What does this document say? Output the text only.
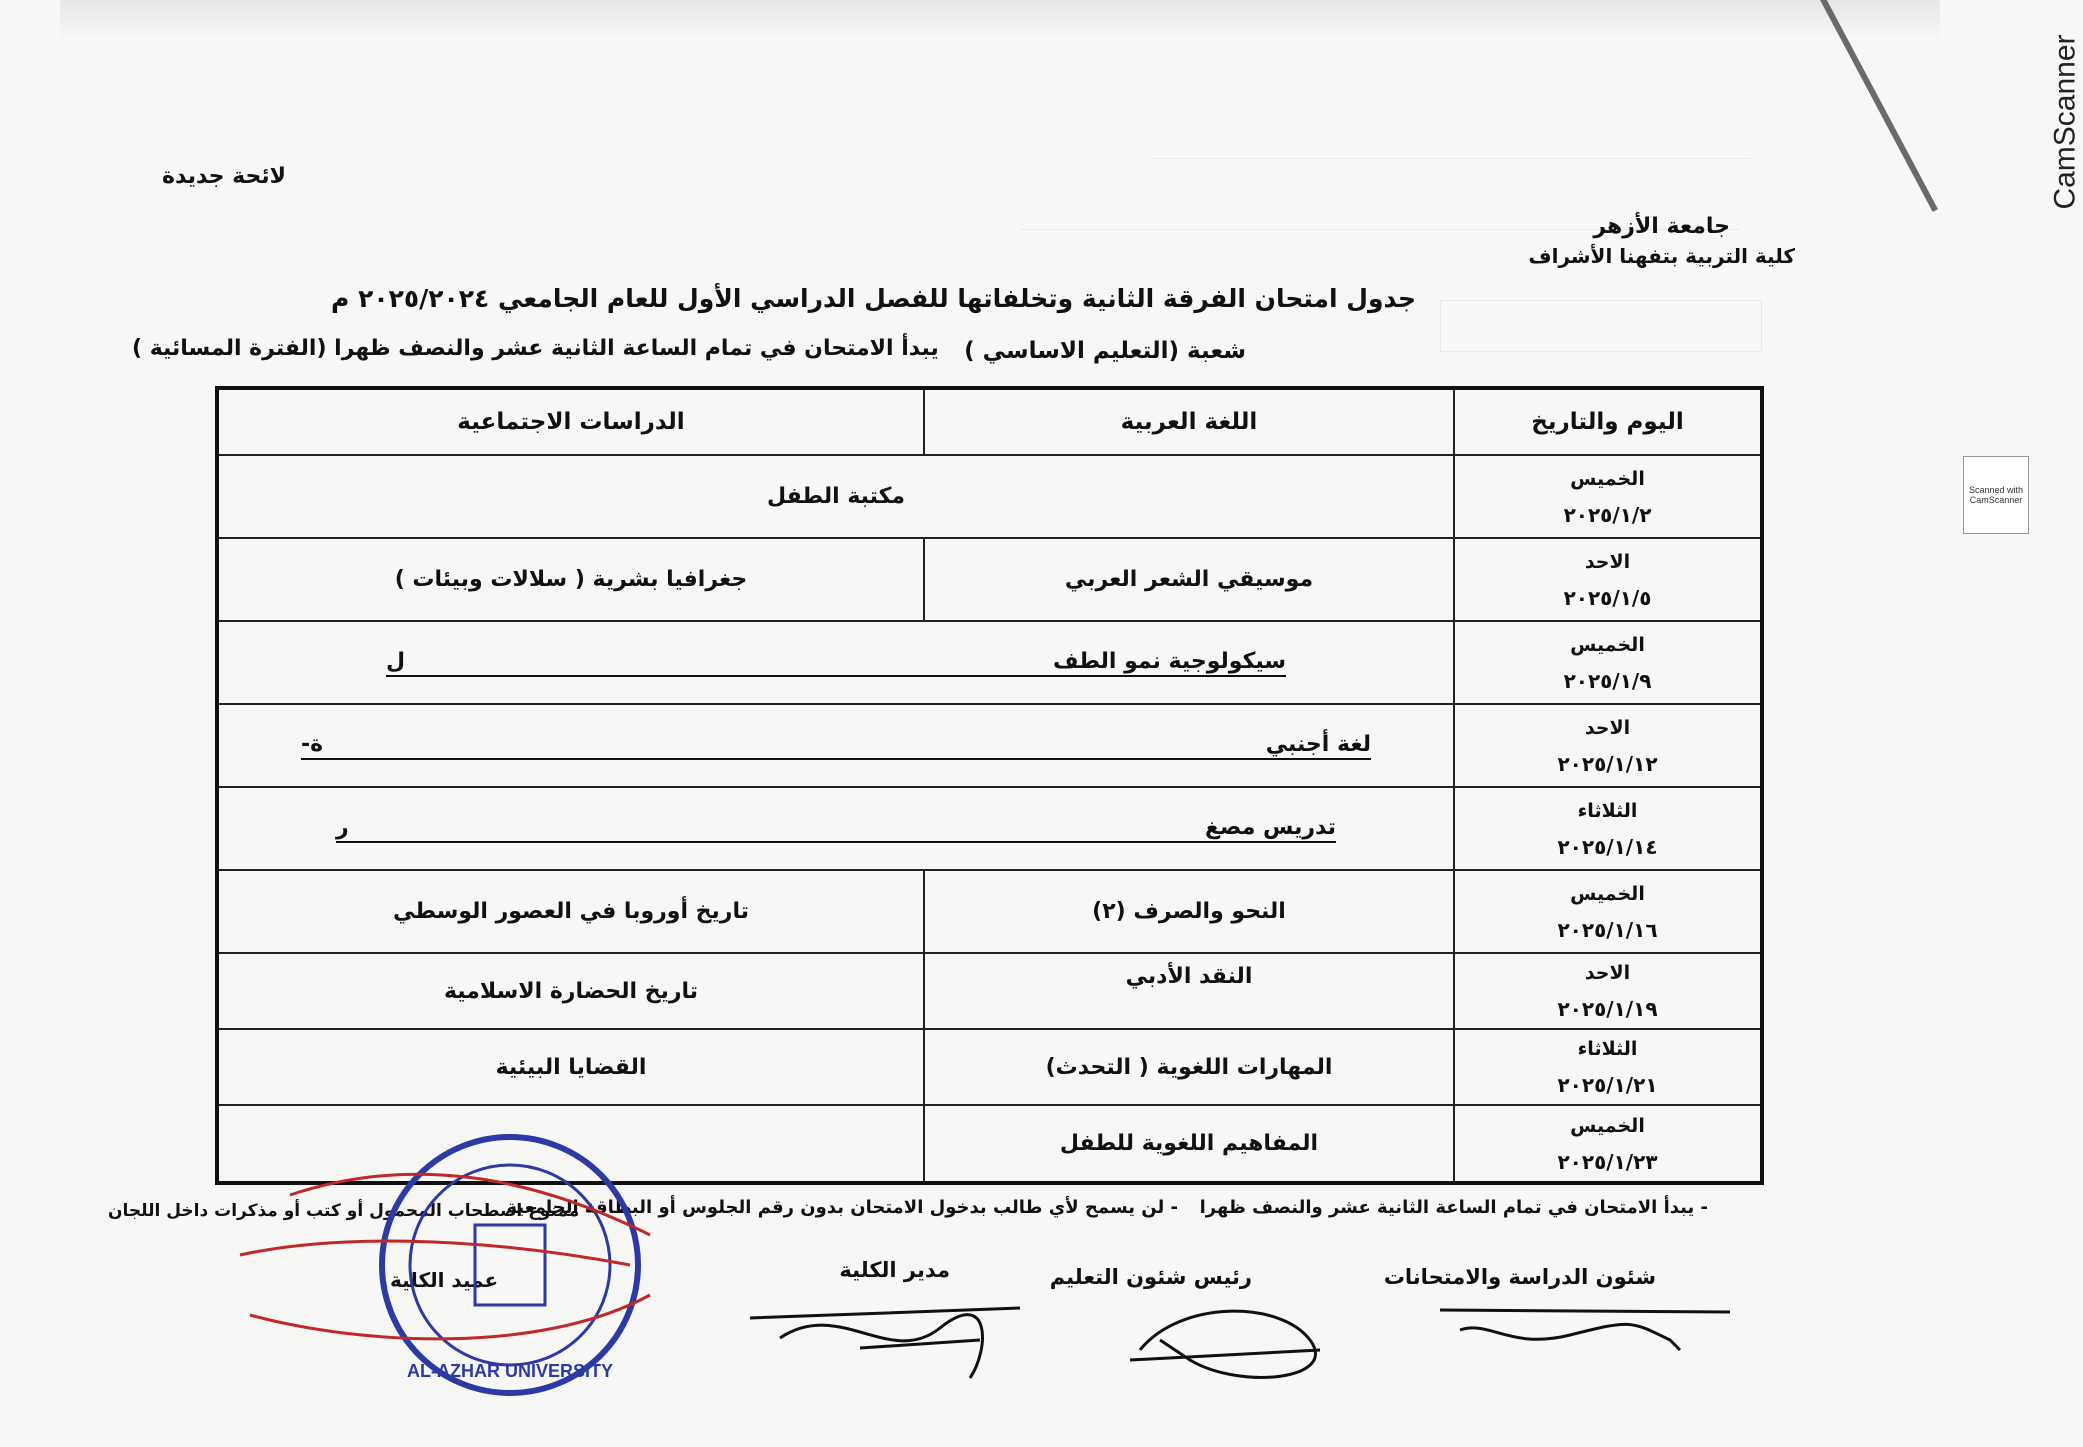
لائحة جديدة
جامعة الأزهر
كلية التربية بتفهنا الأشراف
جدول امتحان الفرقة الثانية وتخلفاتها للفصل الدراسي الأول للعام الجامعي ٢٠٢٥/٢٠٢٤ م
شعبة (التعليم الاساسي )
يبدأ الامتحان في تمام الساعة الثانية عشر والنصف ظهرا (الفترة المسائية )
اليوم والتاريخ	اللغة العربية	الدراسات الاجتماعية

الخميس
٢٠٢٥/١/٢	مكتبة الطفل	

الاحد
٢٠٢٥/١/٥	موسيقي الشعر العربي	جغرافيا بشرية ( سلالات وبيئات )

الخميس
٢٠٢٥/١/٩	سيكولوجية نمو الطف
ل	

الاحد
٢٠٢٥/١/١٢	لغة أجنبي
ة-	

الثلاثاء
٢٠٢٥/١/١٤	تدريس مصغ
ر	

الخميس
٢٠٢٥/١/١٦	النحو والصرف (٢)	تاريخ أوروبا في العصور الوسطي

الاحد
٢٠٢٥/١/١٩	النقد الأدبي	تاريخ الحضارة الاسلامية

الثلاثاء
٢٠٢٥/١/٢١	المهارات اللغوية ( التحدث)	القضايا البيئية

الخميس
٢٠٢٥/١/٢٣	المفاهيم اللغوية للطفل	
- يبدأ الامتحان في تمام الساعة الثانية عشر والنصف ظهرا
- لن يسمح لأي طالب بدخول الامتحان بدون رقم الجلوس أو البطاقة الجامعية
- ممنوع اصطحاب المحمول أو كتب أو مذكرات داخل اللجان
شئون الدراسة والامتحانات
رئيس شئون التعليم
مدير الكلية
عميد الكلية
AL-AZHAR UNIVERSITY
CamScanner
Scanned with CamScanner
